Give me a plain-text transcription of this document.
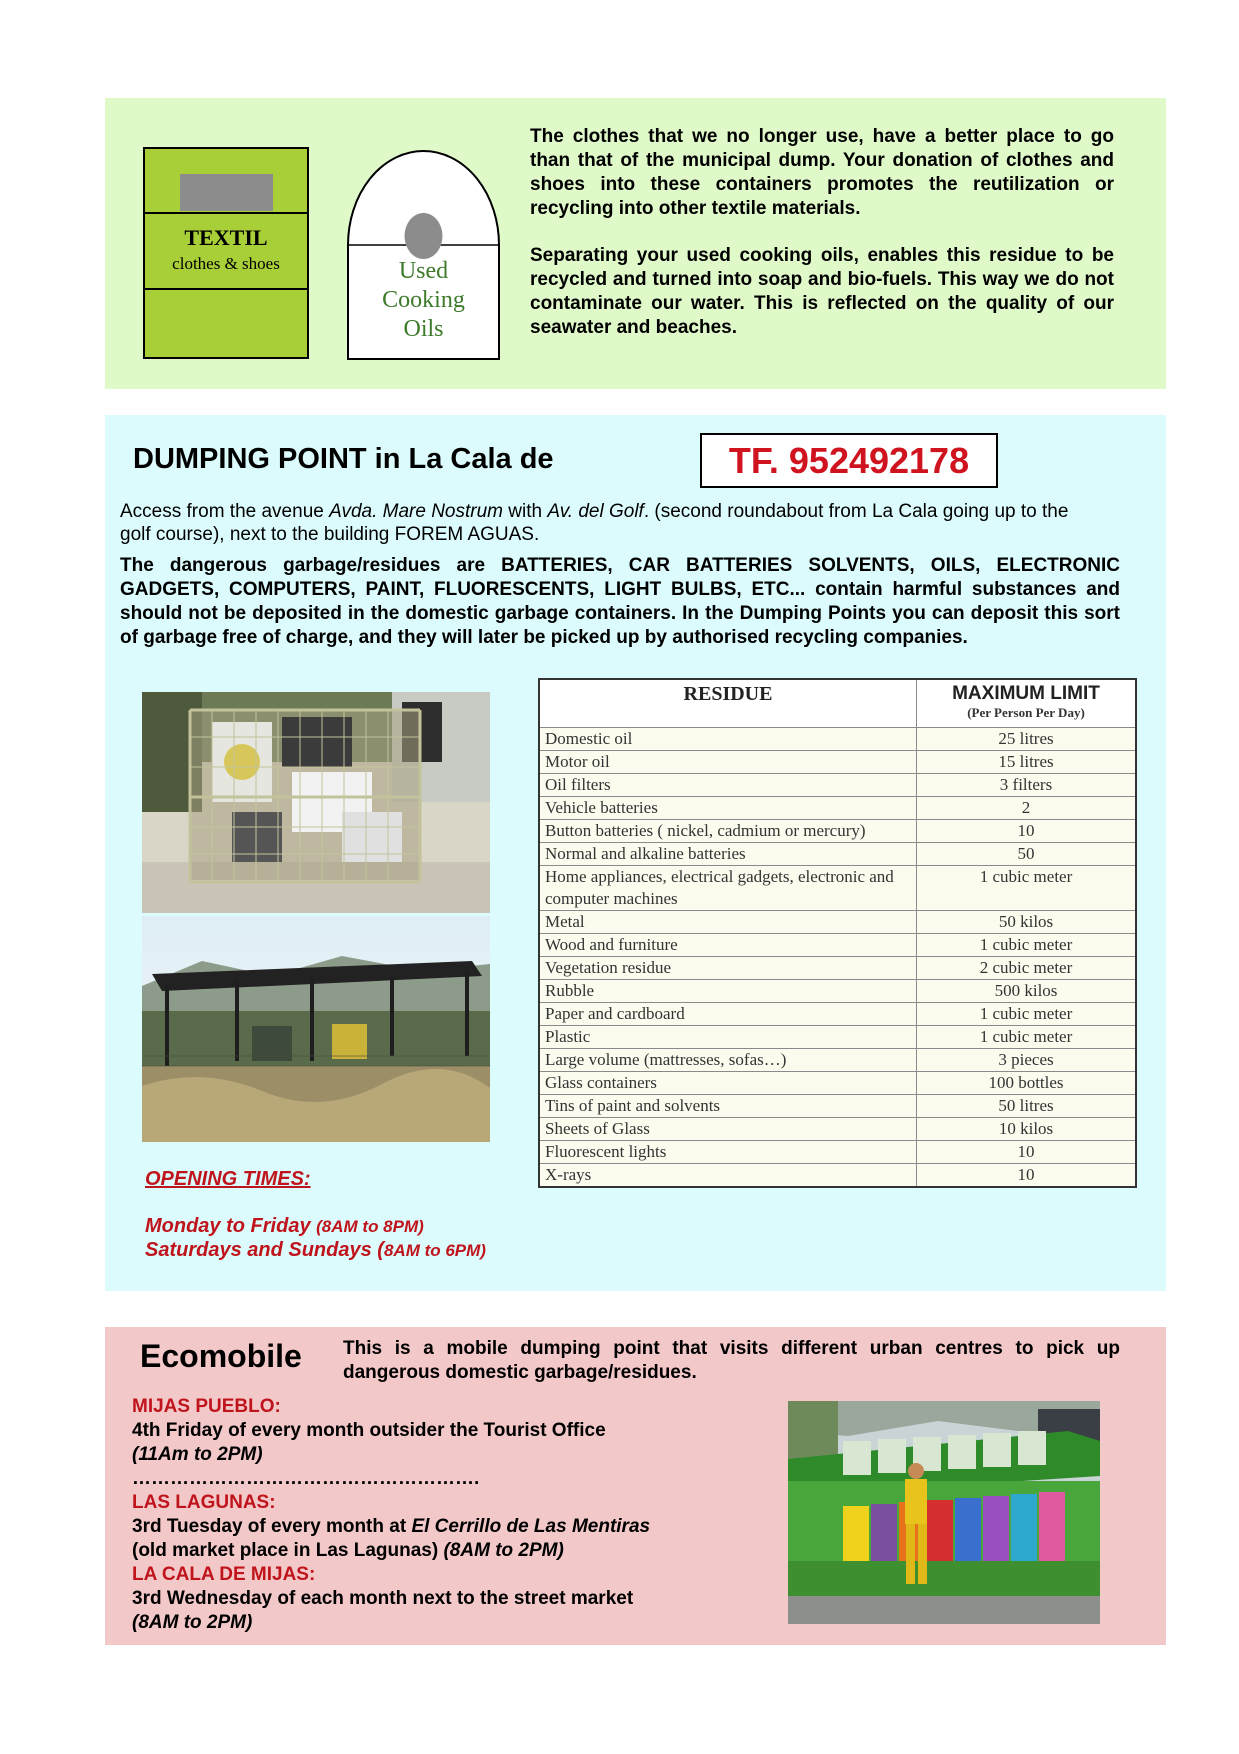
TEXTIL
clothes & shoes	Used
Cooking
Oils

The clothes that we no longer use, have a better place to go than that of the municipal dump. Your donation of clothes and shoes into these containers promotes the reutilization or recycling into other textile materials.

Separating your used cooking oils, enables this residue to be recycled and turned into soap and bio-fuels. This way we do not contaminate our water. This is reflected on the quality of our seawater and beaches.

DUMPING POINT in La Cala de	TF. 952492178
Access from the avenue Avda. Mare Nostrum with Av. del Golf. (second roundabout from La Cala going up to the golf course), next to the building FOREM AGUAS.
The dangerous garbage/residues are BATTERIES, CAR BATTERIES SOLVENTS, OILS, ELECTRONIC GADGETS, COMPUTERS, PAINT, FLUORESCENTS, LIGHT BULBS, ETC... contain harmful substances and should not be deposited in the domestic garbage containers. In the Dumping Points you can deposit this sort of garbage free of charge, and they will later be picked up by authorised recycling companies.
OPENING TIMES:
Monday to Friday (8AM to 8PM)
Saturdays and Sundays (8AM to 6PM)
RESIDUE	MAXIMUM LIMIT
(Per Person Per Day)

Domestic oil	25 litres
Motor oil	15 litres
Oil filters	3 filters
Vehicle batteries	2
Button batteries ( nickel, cadmium or mercury)	10
Normal and alkaline batteries	50
Home appliances, electrical gadgets, electronic and computer machines	1 cubic meter
Metal	50 kilos
Wood and furniture	1 cubic meter
Vegetation residue	2 cubic meter
Rubble	500 kilos
Paper and cardboard	1 cubic meter
Plastic	1 cubic meter
Large volume (mattresses, sofas…)	3 pieces
Glass containers	100 bottles
Tins of paint and solvents	50 litres
Sheets of Glass	10 kilos
Fluorescent lights	10
X-rays	10
Ecomobile This is a mobile dumping point that visits different urban centres to pick up dangerous domestic garbage/residues.
MIJAS PUEBLO:
4th Friday of every month outsider the Tourist Office
(11Am to 2PM)
……………………………………………….
LAS LAGUNAS:
3rd Tuesday of every month at El Cerrillo de Las Mentiras
(old market place in Las Lagunas) (8AM to 2PM)
LA CALA DE MIJAS:
3rd Wednesday of each month next to the street market
(8AM to 2PM)
